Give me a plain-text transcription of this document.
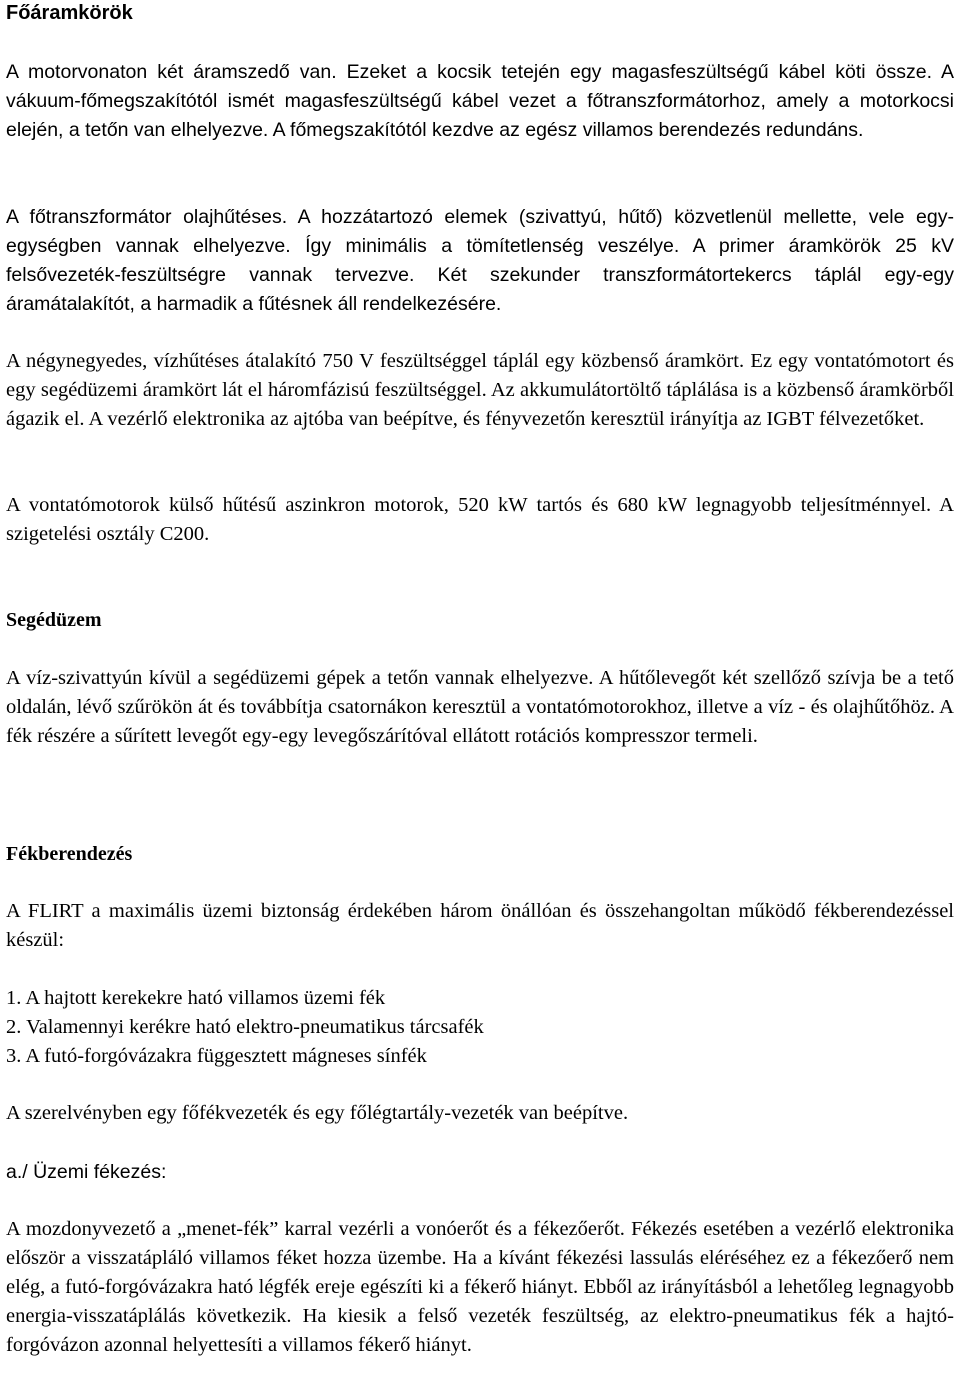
Főáramkörök

A motorvonaton két áramszedő van. Ezeket a kocsik tetején egy magasfeszültségű kábel köti össze. A vákuum-főmegszakítótól ismét magasfeszültségű kábel vezet a főtranszformátorhoz, amely a motorkocsi elején, a tetőn van elhelyezve. A főmegszakítótól kezdve az egész villamos berendezés redundáns.

A főtranszformátor olajhűtéses. A hozzátartozó elemek (szivattyú, hűtő) közvetlenül mellette, vele egy-egységben vannak elhelyezve. Így minimális a tömítetlenség veszélye. A primer áramkörök 25 kV felsővezeték-feszültségre vannak tervezve. Két szekunder transzformátortekercs táplál egy-egy áramátalakítót, a harmadik a fűtésnek áll rendelkezésére.

A négynegyedes, vízhűtéses átalakító 750 V feszültséggel táplál egy közbenső áramkört. Ez egy vontatómotort és egy segédüzemi áramkört lát el háromfázisú feszültséggel. Az akkumulátortöltő táplálása is a közbenső áramkörből ágazik el. A vezérlő elektronika az ajtóba van beépítve, és fényvezetőn keresztül irányítja az IGBT félvezetőket.

A vontatómotorok külső hűtésű aszinkron motorok, 520 kW tartós és 680 kW legnagyobb teljesítménnyel. A szigetelési osztály C200.

Segédüzem

A víz-szivattyún kívül a segédüzemi gépek a tetőn vannak elhelyezve. A hűtőlevegőt két szellőző szívja be a tető oldalán, lévő szűrökön át és továbbítja csatornákon keresztül a vontatómotorokhoz, illetve a víz - és olajhűtőhöz. A fék részére a sűrített levegőt egy-egy levegőszárítóval ellátott rotációs kompresszor termeli.

Fékberendezés

A FLIRT a maximális üzemi biztonság érdekében három önállóan és összehangoltan működő fékberendezéssel készül:

1. A hajtott kerekekre ható villamos üzemi fék
2. Valamennyi kerékre ható elektro-pneumatikus tárcsafék
3. A futó-forgóvázakra függesztett mágneses sínfék

A szerelvényben egy főfékvezeték és egy főlégtartály-vezeték van beépítve.

a./ Üzemi fékezés:

A mozdonyvezető a „menet-fék” karral vezérli a vonóerőt és a fékezőerőt. Fékezés esetében a vezérlő elektronika először a visszatápláló villamos féket hozza üzembe. Ha a kívánt fékezési lassulás eléréséhez ez a fékezőerő nem elég, a futó-forgóvázakra ható légfék ereje egészíti ki a fékerő hiányt. Ebből az irányításból a lehetőleg legnagyobb energia-visszatáplálás következik. Ha kiesik a felső vezeték feszültség, az elektro-pneumatikus fék a hajtó-forgóvázon azonnal helyettesíti a villamos fékerő hiányt.
